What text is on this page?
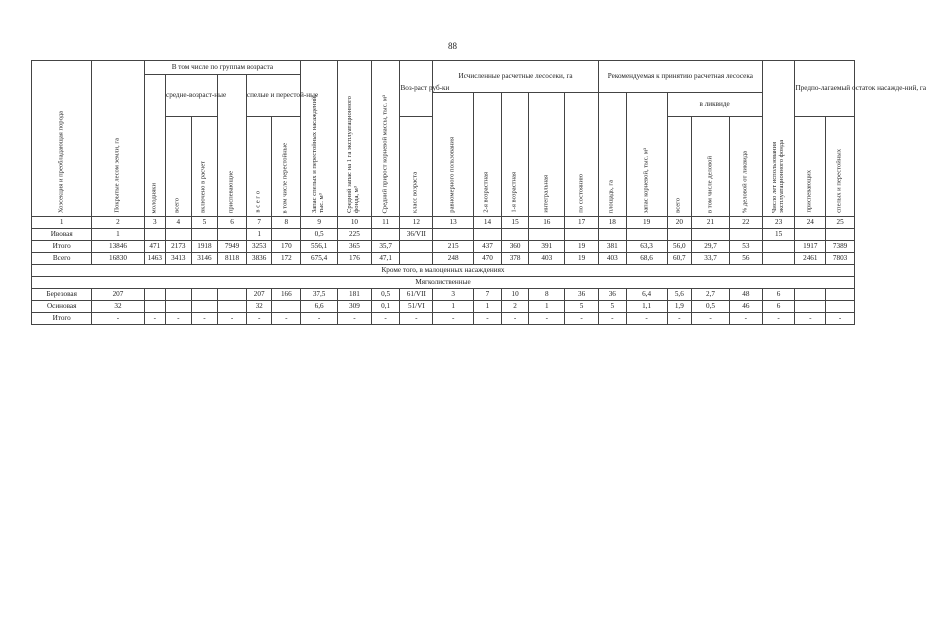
88
Хозсекция и преобладающая порода	Покрытые лесом земли, га	В том числе по группам возраста						Запас спелых и перестойных насаждений, тыс. м³	Средний запас на 1 га эксплуатационного фонда, м³	Средний прирост корневой массы, тыс. м³	Воз-раст руб-ки	Исчисленные расчетные лесосеки, га					Рекомендуемая к принятию расчетная лесосека					Число лет использования эксплуатационного фонда	Предпо-лагаемый остаток насажде-ний, га	

		молодняки	средне-возраст-ные		приспевающие	спелые и перестой-ные																		

												равномерного пользования	2-я возрастная	1-я возрастная	интегральная	по состоянию	площадь, га	запас корневой, тыс. м³	в ликвиде					

			всего	включено в расчет		в с е г о	в том числе перестойные				класс возраста								всего	в том числе деловой	% деловой от ликвида		приспевающих	спелых и перестойных

1	2	3	4	5	6	7	8	9	10	11	12	13	14	15	16	17	18	19	20	21	22	23	24	25
Ивовая	1					1		0,5	225		36/VII											15		
Итого	13846	471	2173	1918	7949	3253	170	556,1	365	35,7		215	437	360	391	19	381	63,3	56,0	29,7	53		1917	7389
Всего	16830	1463	3413	3146	8118	3836	172	675,4	176	47,1		248	470	378	403	19	403	68,6	60,7	33,7	56		2461	7803
Кроме того, в малоценных насаждениях																								
Мягколиственные																								
Березовая	207					207	166	37,5	181	0,5	61/VII	3	7	10	8	36	36	6,4	5,6	2,7	48	6		
Осиновая	32					32		6,6	309	0,1	51/VI	1	1	2	1	5	5	1,1	1,9	0,5	46	6		
Итого	-	-	-	-	-	-	-	-	-	-	-	-	-	-	-	-	-	-	-	-	-	-	-	-
